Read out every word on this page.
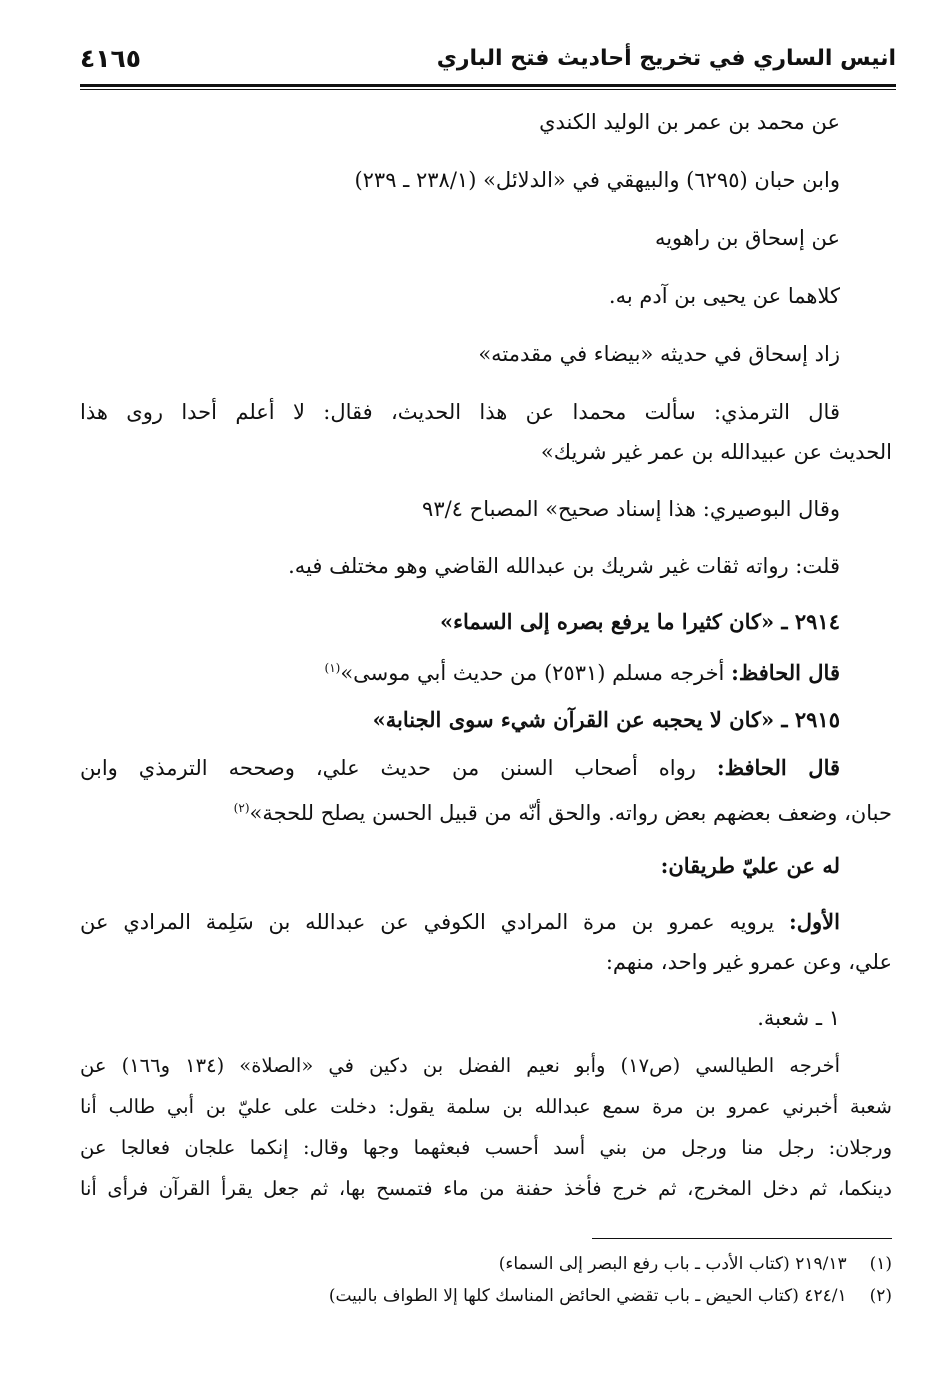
انيس الساري في تخريج أحاديث فتح الباري
٤١٦٥
عن محمد بن عمر بن الوليد الكندي
وابن حبان (٦٢٩٥) والبيهقي في «الدلائل» (٢٣٨/١ ـ ٢٣٩)
عن إسحاق بن راهويه
كلاهما عن يحيى بن آدم به.
زاد إسحاق في حديثه «بيضاء في مقدمته»
قال الترمذي: سألت محمدا عن هذا الحديث، فقال: لا أعلم أحدا روى هذا
الحديث عن عبيدالله بن عمر غير شريك»
وقال البوصيري: هذا إسناد صحيح» المصباح ٩٣/٤
قلت: رواته ثقات غير شريك بن عبدالله القاضي وهو مختلف فيه.
٢٩١٤ ـ «كان كثيرا ما يرفع بصره إلى السماء»
قال الحافظ: أخرجه مسلم (٢٥٣١) من حديث أبي موسى»$^{(١)}$
٢٩١٥ ـ «كان لا يحجبه عن القرآن شيء سوى الجنابة»
قال الحافظ: رواه أصحاب السنن من حديث علي، وصححه الترمذي وابن
حبان، وضعف بعضهم بعض رواته. والحق أنّه من قبيل الحسن يصلح للحجة»$^{(٢)}$
له عن عليّ طريقان:
الأول: يرويه عمرو بن مرة المرادي الكوفي عن عبدالله بن سَلِمة المرادي عن
علي، وعن عمرو غير واحد، منهم:
١ ـ شعبة.
أخرجه الطيالسي (ص١٧) وأبو نعيم الفضل بن دكين في «الصلاة» (١٣٤ و١٦٦) عن
شعبة أخبرني عمرو بن مرة سمع عبدالله بن سلمة يقول: دخلت على عليّ بن أبي طالب أنا
ورجلان: رجل منا ورجل من بني أسد أحسب فبعثهما وجها وقال: إنكما علجان فعالجا عن
دينكما، ثم دخل المخرج، ثم خرج فأخذ حفنة من ماء فتمسح بها، ثم جعل يقرأ القرآن فرأى أنا
(١) ٢١٩/١٣ (كتاب الأدب ـ باب رفع البصر إلى السماء)
(٢) ٤٢٤/١ (كتاب الحيض ـ باب تقضي الحائض المناسك كلها إلا الطواف بالبيت)
